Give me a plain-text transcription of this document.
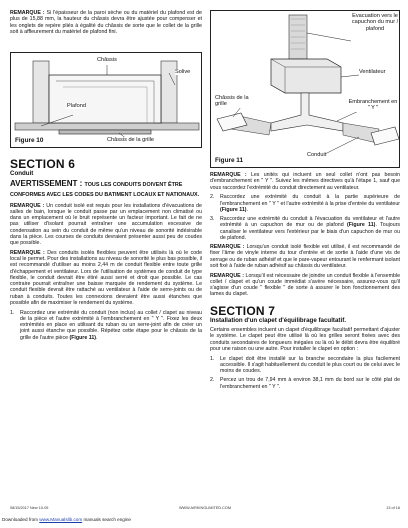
REMARQUE : Si l'épaisseur de la paroi sèche ou du matériel du plafond est de plus de 15,88 mm, la hauteur du châssis devra être ajustée pour compenser et les onglets de repère pliés à égalité du châssis de sorte que le collet de la grille soit à affleurement du matériel de plafond fini.

Châssis
Solive
Plafond
Châssis de la grille
Figure 10
Evacuation vers le capuchon du mur / plafond
Ventilateur
Châssis de la grille	Embranchement en " Y "
Conduit
Figure 11
SECTION 6
Conduit
AVERTISSEMENT : TOUS LES CONDUITS DOIVENT ÊTRE CONFORMES AVEC LES CODES DU BATIMENT LOCAUX ET NATIONAUX.

REMARQUE : Un conduit isolé est requis pour les installations d'évacuations de salles de bain, lorsque le conduit passe par un emplacement non climatisé ou dans un emplacement où le bruit représente un facteur important. Le fait de ne pas utiliser d'isolant pourrait entraîner une accumulation excessive de condensation au sein du conduit de même qu'un niveau de sonorité indésirable dans la pièce. Les courses de conduits devraient présenter aussi peu de coudes que possible.

REMARQUE : Des conduits isolés flexibles peuvent être utilisés là où le code local le permet. Pour des installations au niveau de sonorité le plus bas possible, il est recommandé d'utiliser au moins 2,44 m de conduit flexible entre toute grille d'échappement et ventilateur. Lors de l'utilisation de systèmes de conduit de type flexible, le conduit devrait être étiré aussi serré et droit que possible. Le cas contraire pourrait entraîner une baisse marquée de rendement du système. Le conduit flexible devrait être rattaché au ventilateur à l'aide de serre-joints ou de ruban à conduits. Toutes les connexions devraient être aussi étanches que possible afin de maximiser le rendement du système.

1. Raccordez une extrémité du conduit (non inclus) au collet / clapet au niveau de la pièce et l'autre extrémité à l'embranchement en " Y ". Fixez les deux extrémités en place en utilisant du ruban ou un serre-joint afin de créer un joint aussi étanche que possible. Répétez cette étape pour le châssis de la grille de l'autre pièce (Figure 11).

REMARQUE : Les unités qui incluent un seul collet n'ont pas besoin d'embranchement en " Y ". Suivez les mêmes directives qu'à l'étape 1, sauf que vous raccordez l'extrémité du conduit directement au ventilateur.

2. Raccordez une extrémité du conduit à la partie supérieure de l'embranchement en " Y " et l'autre extrémité à la prise d'entrée du ventilateur (Figure 11).
3. Raccordez une extrémité du conduit à l'évacuation du ventilateur et l'autre extrémité à un capuchon de mur ou de plafond (Figure 11). Toujours canaliser le ventilateur vers l'extérieur par le biais d'un capuchon de mur ou de plafond.

REMARQUE : Lorsqu'un conduit isolé flexible est utilisé, il est recommandé de fixer l'âme de vinyle interne du tour d'entrée et de sortie à l'aide d'une vis de serrage ou de ruban adhésif et que le pare-vapeur entourant le renfermant isolant soit fixé à l'aide de ruban adhésif au châssis du ventilateur.

REMARQUE : Lorsqu'il est nécessaire de joindre un conduit flexible à l'ensemble collet / clapet et qu'un coude immédiat s'avère nécessaire, assurez-vous qu'il s'agisse d'un coude " flexible " de sorte à assurer le bon fonctionnement des lames du clapet.

SECTION 7
Installation d'un clapet d'équilibrage facultatif.

Certains ensembles incluent un clapet d'équilibrage facultatif permettant d'ajuster le système. Le clapet peut être utilisé là où les grilles seront fixées avec des conduits secondaires de longueurs inégales ou là où le débit devra être équilibré pour une raison ou une autre. Pour installer le clapet en option :

1. Le clapet doit être installé sur la branche secondaire la plus facilement accessible. Il s'agit habituellement du conduit le plus court ou de celui avec le moins de coudes.
2. Percez un trou de 7,94 mm à environ 38,1 mm du bord sur le côté plat de l'embranchement en " Y ".
08/15/2017 New 10-09	WWW.AIRKINGLIMITED.COM	13 of 16
Downloaded from www.Manualslib.com manuals search engine
